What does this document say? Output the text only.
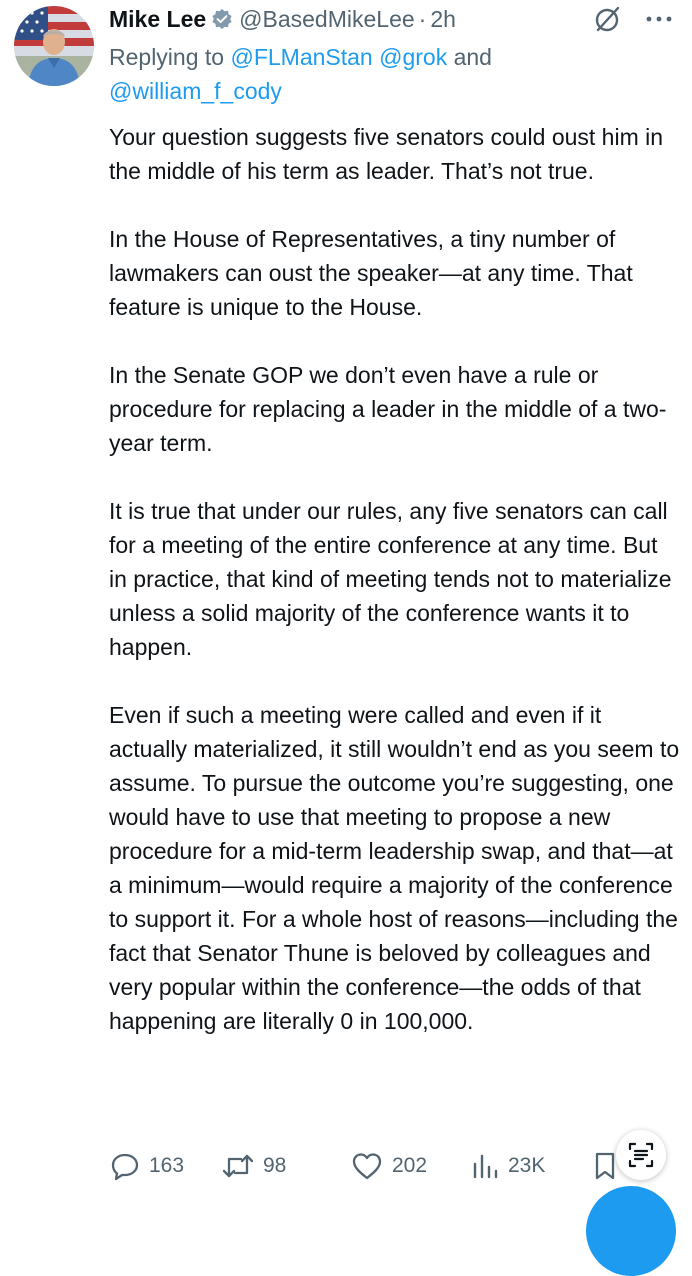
Mike Lee @BasedMikeLee · 2h
Replying to @FLManStan @grok and @william_f_cody

Your question suggests five senators could oust him in the middle of his term as leader. That’s not true.

In the House of Representatives, a tiny number of lawmakers can oust the speaker—at any time. That feature is unique to the House.

In the Senate GOP we don’t even have a rule or procedure for replacing a leader in the middle of a two-year term.

It is true that under our rules, any five senators can call for a meeting of the entire conference at any time. But in practice, that kind of meeting tends not to materialize unless a solid majority of the conference wants it to happen.

Even if such a meeting were called and even if it actually materialized, it still wouldn’t end as you seem to assume. To pursue the outcome you’re suggesting, one would have to use that meeting to propose a new procedure for a mid-term leadership swap, and that—at a minimum—would require a majority of the conference to support it. For a whole host of reasons—including the fact that Senator Thune is beloved by colleagues and very popular within the conference—the odds of that happening are literally 0 in 100,000.

163	98	202	23K
